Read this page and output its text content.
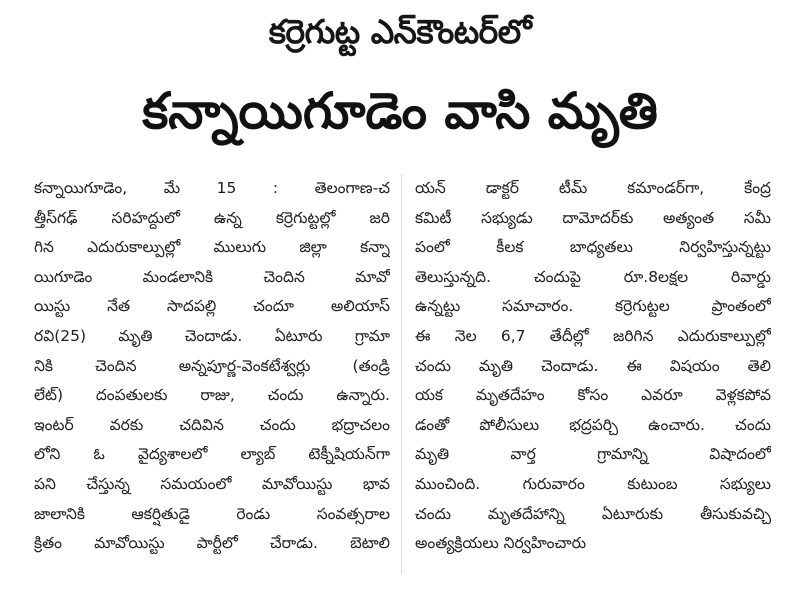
కర్రెగుట్ట ఎన్‌కౌంటర్‌లో
కన్నాయిగూడెం వాసి మృతి
కన్నాయిగూడెం, మే 15 : తెలంగాణ-చ
త్తీస్‌గఢ్ సరిహద్దులో ఉన్న కర్రెగుట్టల్లో జరి
గిన ఎదురుకాల్పుల్లో ములుగు జిల్లా కన్నా
యిగూడెం మండలానికి చెందిన మావో
యిస్టు నేత సాదపల్లి చందూ అలియాస్
రవి(25) మృతి చెందాడు. ఏటూరు గ్రామా
నికి చెందిన అన్నపూర్ణ-వెంకటేశ్వర్లు (తండ్రి
లేట్) దంపతులకు రాజు, చందు ఉన్నారు.
ఇంటర్ వరకు చదివిన చందు భద్రాచలం
లోని ఓ వైద్యశాలలో ల్యాబ్ టెక్నీషియన్‌గా
పని చేస్తున్న సమయంలో మావోయిస్టు భావ
జాలానికి ఆకర్షితుడై రెండు సంవత్సరాల
క్రితం మావోయిస్టు పార్టీలో చేరాడు. బెటాలి
యన్ డాక్టర్ టీమ్ కమాండర్‌గా, కేంద్ర
కమిటీ సభ్యుడు దామోదర్‌కు అత్యంత సమీ
పంలో కీలక బాధ్యతలు నిర్వహిస్తున్నట్టు
తెలుస్తున్నది. చందుపై రూ.8లక్షల రివార్డు
ఉన్నట్టు సమాచారం. కర్రెగుట్టల ప్రాంతంలో
ఈ నెల 6,7 తేదీల్లో జరిగిన ఎదురుకాల్పుల్లో
చందు మృతి చెందాడు. ఈ విషయం తెలి
యక మృతదేహం కోసం ఎవరూ వెళ్లకపోవ
డంతో పోలీసులు భద్రపర్చి ఉంచారు. చందు
మృతి వార్త గ్రామాన్ని విషాదంలో
ముంచింది. గురువారం కుటుంబ సభ్యులు
చందు మృతదేహాన్ని ఏటూరుకు తీసుకువచ్చి
అంత్యక్రియలు నిర్వహించారు
